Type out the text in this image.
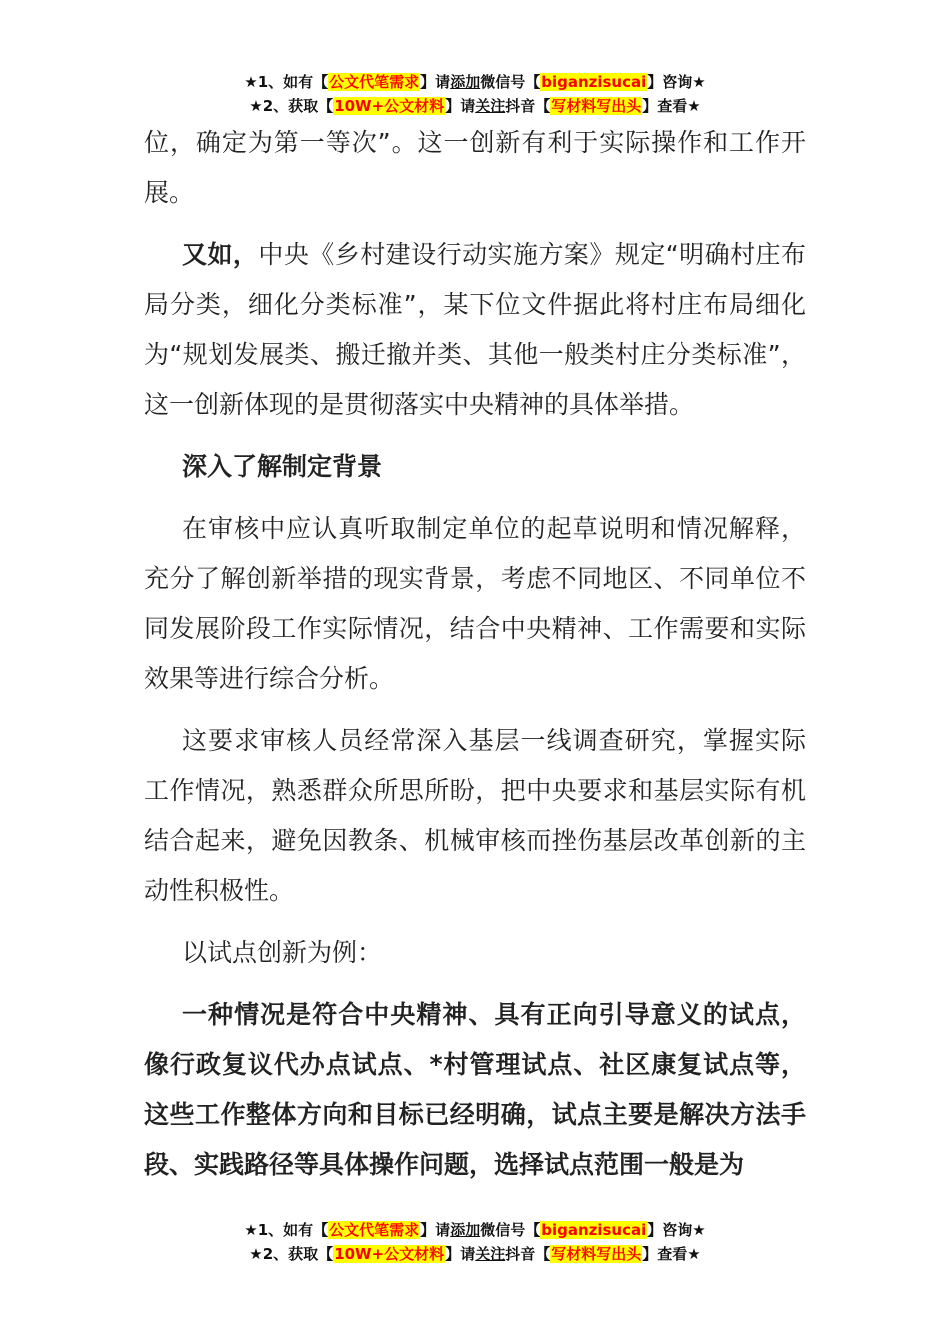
★1、如有【公文代笔需求】请添加微信号【biganzisucai】咨询★
★2、获取【10W+公文材料】请关注抖音【写材料写出头】查看★

位，确定为第一等次”。这一创新有利于实际操作和工作开展。

又如，中央《乡村建设行动实施方案》规定“明确村庄布局分类，细化分类标准”，某下位文件据此将村庄布局细化为“规划发展类、搬迁撤并类、其他一般类村庄分类标准”，这一创新体现的是贯彻落实中央精神的具体举措。

深入了解制定背景

在审核中应认真听取制定单位的起草说明和情况解释，充分了解创新举措的现实背景，考虑不同地区、不同单位不同发展阶段工作实际情况，结合中央精神、工作需要和实际效果等进行综合分析。

这要求审核人员经常深入基层一线调查研究，掌握实际工作情况，熟悉群众所思所盼，把中央要求和基层实际有机结合起来，避免因教条、机械审核而挫伤基层改革创新的主动性积极性。

以试点创新为例：

一种情况是符合中央精神、具有正向引导意义的试点，像行政复议代办点试点、*村管理试点、社区康复试点等，这些工作整体方向和目标已经明确，试点主要是解决方法手段、实践路径等具体操作问题，选择试点范围一般是为

★1、如有【公文代笔需求】请添加微信号【biganzisucai】咨询★
★2、获取【10W+公文材料】请关注抖音【写材料写出头】查看★
